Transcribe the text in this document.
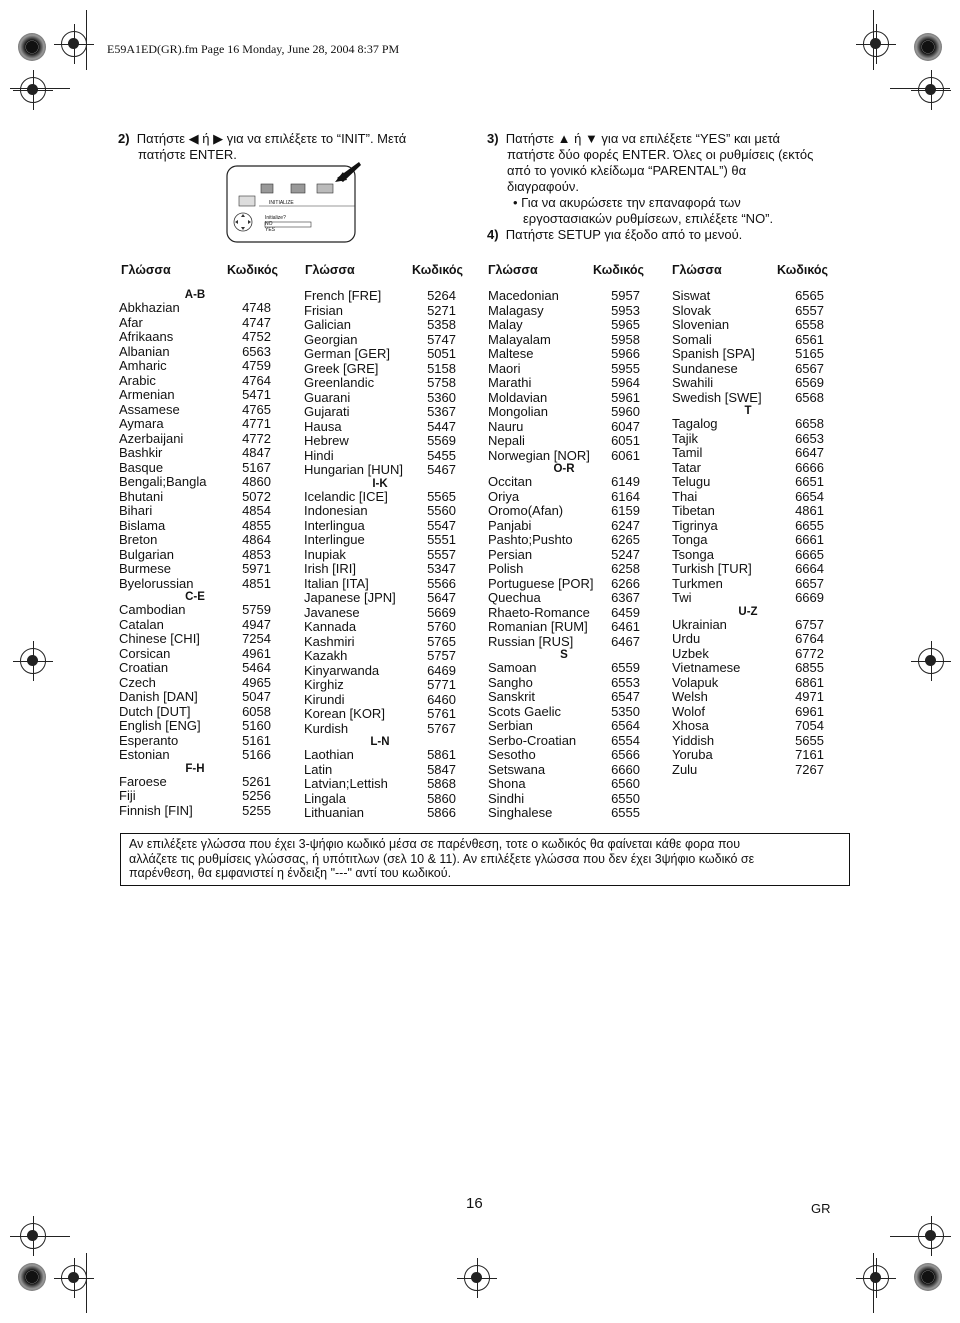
E59A1ED(GR).fm Page 16 Monday, June 28, 2004 8:37 PM
2) Πατήστε ◀ ή ▶ για να επιλέξετε το “INIT”. Μετά
πατήστε ENTER.
INITIALIZE
Initialize?
NO
YES
3) Πατήστε ▲ ή ▼ για να επιλέξετε “YES” και μετά
πατήστε δύο φορές ENTER. Όλες οι ρυθμίσεις (εκτός
από το γονικό κλείδωμα “PARENTAL”) θα
διαγραφούν.
• Για να ακυρώσετε την επαναφορά των
εργοστασιακών ρυθμίσεων, επιλέξετε “NO”.
4) Πατήστε SETUP για έξοδο από το μενού.
Γλώσσα	Κωδικός Γλώσσα	Κωδικός Γλώσσα	Κωδικός Γλώσσα	Κωδικός
A-B
Abkhazian	4748
Afar	4747
Afrikaans	4752
Albanian	6563
Amharic	4759
Arabic	4764
Armenian	5471
Assamese	4765
Aymara	4771
Azerbaijani	4772
Bashkir	4847
Basque	5167
Bengali;Bangla	4860
Bhutani	5072
Bihari	4854
Bislama	4855
Breton	4864
Bulgarian	4853
Burmese	5971
Byelorussian	4851
C-E
Cambodian	5759
Catalan	4947
Chinese [CHI]	7254
Corsican	4961
Croatian	5464
Czech	4965
Danish [DAN]	5047
Dutch [DUT]	6058
English [ENG]	5160
Esperanto	5161
Estonian	5166
F-H
Faroese	5261
Fiji	5256
Finnish [FIN]	5255
French [FRE]	5264
Frisian	5271
Galician	5358
Georgian	5747
German [GER]	5051
Greek [GRE]	5158
Greenlandic	5758
Guarani	5360
Gujarati	5367
Hausa	5447
Hebrew	5569
Hindi	5455
Hungarian [HUN] 5467
I-K
Icelandic [ICE]	5565
Indonesian	5560
Interlingua	5547
Interlingue	5551
Inupiak	5557
Irish [IRI]	5347
Italian [ITA]	5566
Japanese [JPN] 5647
Javanese	5669
Kannada	5760
Kashmiri	5765
Kazakh	5757
Kinyarwanda	6469
Kirghiz	5771
Kirundi	6460
Korean [KOR]	5761
Kurdish	5767
L-N
Laothian	5861
Latin	5847
Latvian;Lettish	5868
Lingala	5860
Lithuanian	5866
Macedonian	5957
Malagasy	5953
Malay	5965
Malayalam	5958
Maltese	5966
Maori	5955
Marathi	5964
Moldavian	5961
Mongolian	5960
Nauru	6047
Nepali	6051
Norwegian [NOR] 6061
O-R
Occitan	6149
Oriya	6164
Oromo(Afan)	6159
Panjabi	6247
Pashto;Pushto	6265
Persian	5247
Polish	6258
Portuguese [POR] 6266
Quechua	6367
Rhaeto-Romance 6459
Romanian [RUM] 6461
Russian [RUS]	6467
S
Samoan	6559
Sangho	6553
Sanskrit	6547
Scots Gaelic	5350
Serbian	6564
Serbo-Croatian	6554
Sesotho	6566
Setswana	6660
Shona	6560
Sindhi	6550
Singhalese	6555
Siswat	6565
Slovak	6557
Slovenian	6558
Somali	6561
Spanish [SPA]	5165
Sundanese	6567
Swahili	6569
Swedish [SWE]	6568
T
Tagalog	6658
Tajik	6653
Tamil	6647
Tatar	6666
Telugu	6651
Thai	6654
Tibetan	4861
Tigrinya	6655
Tonga	6661
Tsonga	6665
Turkish [TUR]	6664
Turkmen	6657
Twi	6669
U-Z
Ukrainian	6757
Urdu	6764
Uzbek	6772
Vietnamese	6855
Volapuk	6861
Welsh	4971
Wolof	6961
Xhosa	7054
Yiddish	5655
Yoruba	7161
Zulu	7267
Αν επιλέξετε γλώσσα που έχει 3-ψήφιο κωδικό μέσα σε παρένθεση, τοτε ο κωδικός θα φαίνεται κάθε φορα που
αλλάζετε τις ρυθμίσεις γλώσσας, ή υπότιτλων (σελ 10 & 11). Αν επιλέξετε γλώσσα που δεν έχει 3ψήφιο κωδικό σε
παρένθεση, θα εμφανιστεί η ένδειξη "---" αντί του κωδικού.
16	GR
